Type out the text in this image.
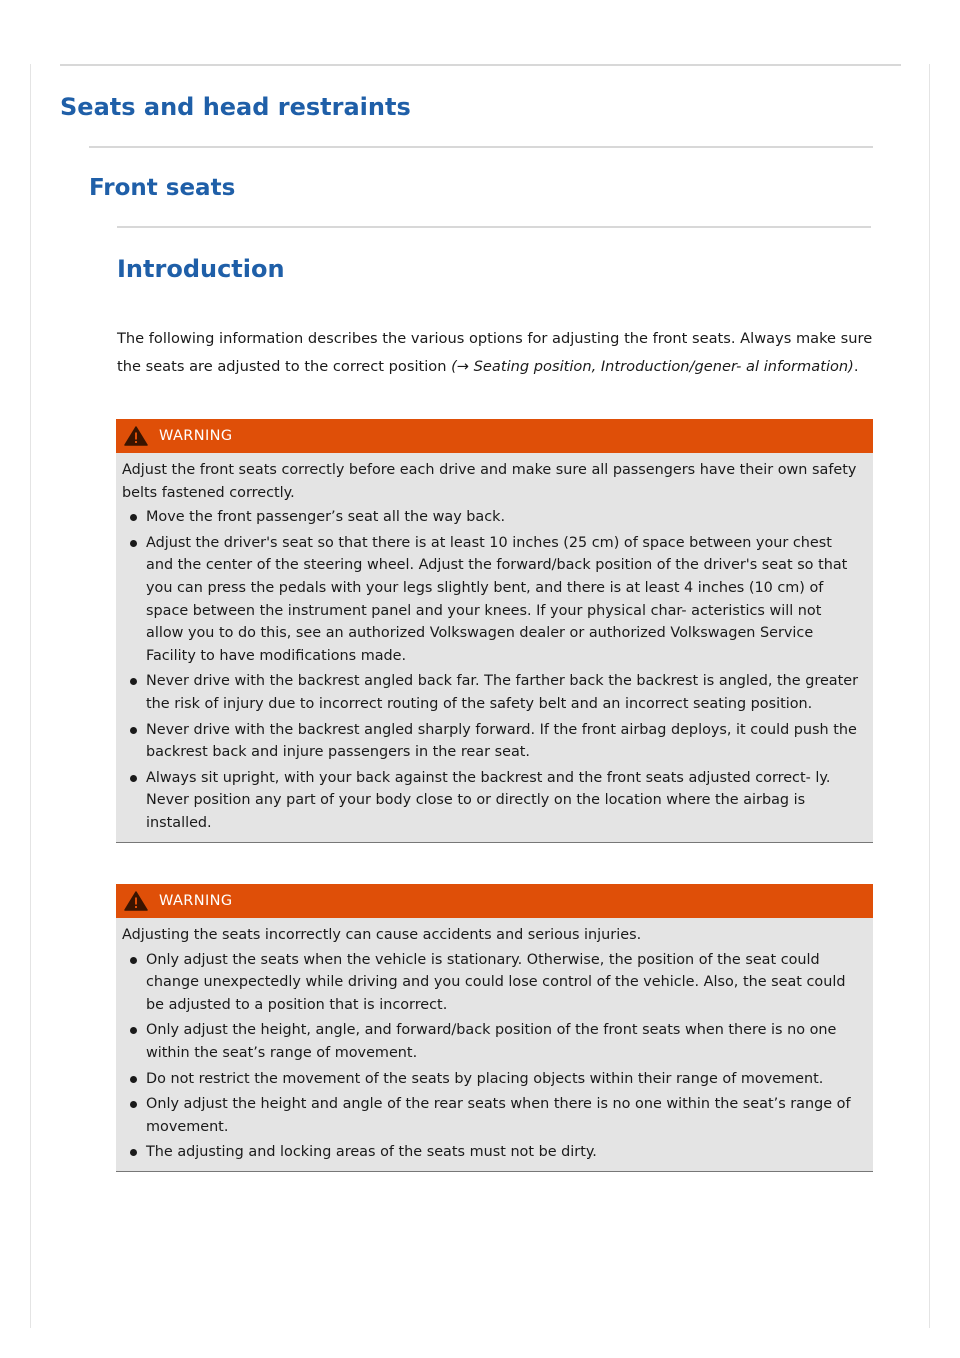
Seats and head restraints
Front seats
Introduction

The following information describes the various options for adjusting the front seats. Always make sure the seats are adjusted to the correct position (→ Seating position, Introduction/gener- al information).

WARNING

Adjust the front seats correctly before each drive and make sure all passengers have their own safety belts fastened correctly.

Move the front passenger’s seat all the way back.
Adjust the driver's seat so that there is at least 10 inches (25 cm) of space between your chest and the center of the steering wheel. Adjust the forward/back position of the driver's seat so that you can press the pedals with your legs slightly bent, and there is at least 4 inches (10 cm) of space between the instrument panel and your knees. If your physical char- acteristics will not allow you to do this, see an authorized Volkswagen dealer or authorized Volkswagen Service Facility to have modifications made.
Never drive with the backrest angled back far. The farther back the backrest is angled, the greater the risk of injury due to incorrect routing of the safety belt and an incorrect seating position.
Never drive with the backrest angled sharply forward. If the front airbag deploys, it could push the backrest back and injure passengers in the rear seat.
Always sit upright, with your back against the backrest and the front seats adjusted correct- ly. Never position any part of your body close to or directly on the location where the airbag is installed.
WARNING

Adjusting the seats incorrectly can cause accidents and serious injuries.

Only adjust the seats when the vehicle is stationary. Otherwise, the position of the seat could change unexpectedly while driving and you could lose control of the vehicle. Also, the seat could be adjusted to a position that is incorrect.
Only adjust the height, angle, and forward/back position of the front seats when there is no one within the seat’s range of movement.
Do not restrict the movement of the seats by placing objects within their range of movement.
Only adjust the height and angle of the rear seats when there is no one within the seat’s range of movement.
The adjusting and locking areas of the seats must not be dirty.
